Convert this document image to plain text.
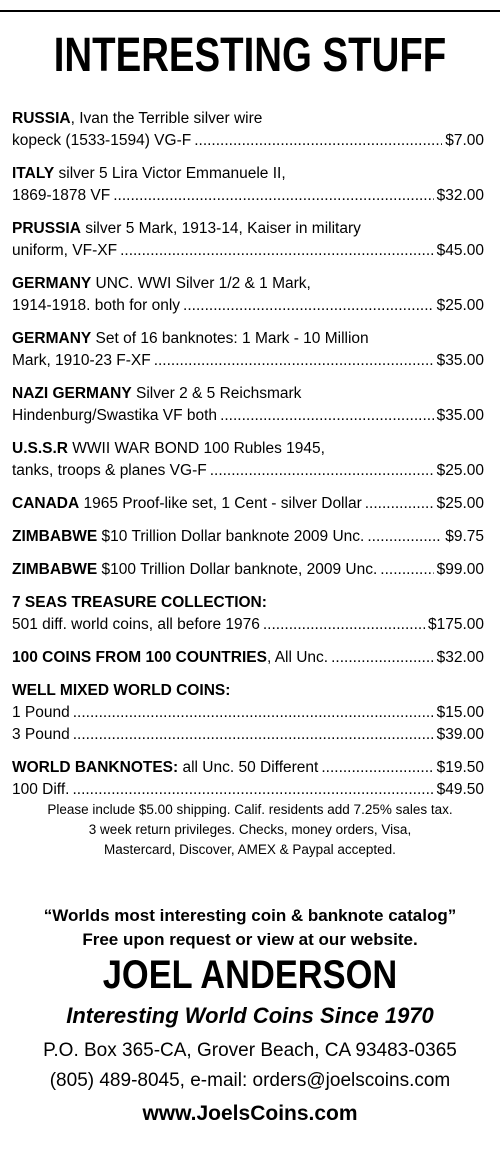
INTERESTING STUFF
RUSSIA, Ivan the Terrible silver wire
kopeck (1533-1594) VG-F .....	$7.00
ITALY silver 5 Lira Victor Emmanuele II,
1869-1878 VF .....	$32.00
PRUSSIA silver 5 Mark, 1913-14, Kaiser in military
uniform, VF-XF .....	$45.00
GERMANY UNC. WWI Silver 1/2 & 1 Mark,
1914-1918. both for only .....	$25.00
GERMANY Set of 16 banknotes: 1 Mark - 10 Million
Mark, 1910-23 F-XF .....	$35.00
NAZI GERMANY Silver 2 & 5 Reichsmark
Hindenburg/Swastika VF both .....	$35.00
U.S.S.R WWII WAR BOND 100 Rubles 1945,
tanks, troops & planes VG-F .....	$25.00
CANADA 1965 Proof-like set, 1 Cent - silver Dollar .....	$25.00
ZIMBABWE $10 Trillion Dollar banknote 2009 Unc. .....	$9.75
ZIMBABWE $100 Trillion Dollar banknote, 2009 Unc. .....	$99.00
7 SEAS TREASURE COLLECTION:
501 diff. world coins, all before 1976 .....	$175.00
100 COINS FROM 100 COUNTRIES, All Unc. .....	$32.00
WELL MIXED WORLD COINS:
1 Pound .....	$15.00
3 Pound .....	$39.00
WORLD BANKNOTES: all Unc. 50 Different .....	$19.50
100 Diff. .....	$49.50
Please include $5.00 shipping. Calif. residents add 7.25% sales tax.
3 week return privileges. Checks, money orders, Visa,
Mastercard, Discover, AMEX & Paypal accepted.
“Worlds most interesting coin & banknote catalog”
Free upon request or view at our website.
JOEL ANDERSON
Interesting World Coins Since 1970
P.O. Box 365-CA, Grover Beach, CA 93483-0365
(805) 489-8045, e-mail: orders@joelscoins.com
www.JoelsCoins.com
